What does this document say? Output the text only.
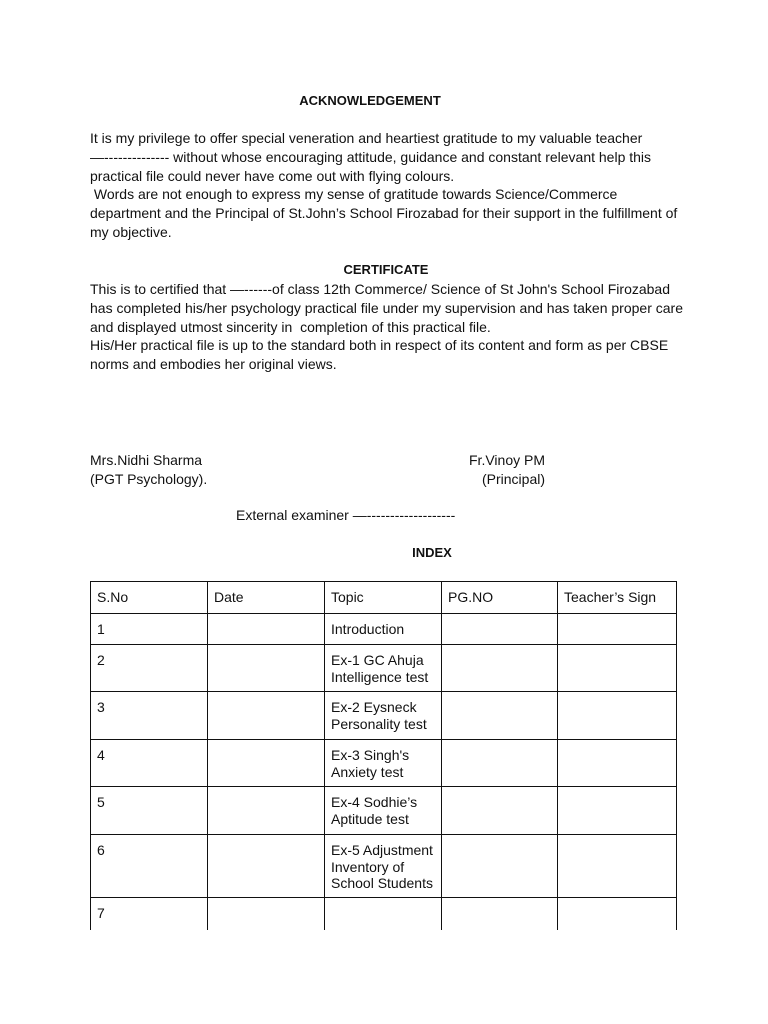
ACKNOWLEDGEMENT
It is my privilege to offer special veneration and heartiest gratitude to my valuable teacher
—-------------- without whose encouraging attitude, guidance and constant relevant help this
practical file could never have come out with flying colours.
Words are not enough to express my sense of gratitude towards Science/Commerce
department and the Principal of St.John’s School Firozabad for their support in the fulfillment of
my objective.
CERTIFICATE
This is to certified that —------of class 12th Commerce/ Science of St John's School Firozabad
has completed his/her psychology practical file under my supervision and has taken proper care
and displayed utmost sincerity in  completion of this practical file.
His/Her practical file is up to the standard both in respect of its content and form as per CBSE
norms and embodies her original views.
Mrs.Nidhi Sharma
(PGT Psychology).
Fr.Vinoy PM
(Principal)
External examiner —-------------------
INDEX
S.No	Date	Topic	PG.NO	Teacher’s Sign
1		Introduction		

2		Ex-1 GC Ahuja
Intelligence test		

3		Ex-2 Eysneck
Personality test		

4		Ex-3 Singh's
Anxiety test		

5		Ex-4 Sodhie’s
Aptitude test		

6		Ex-5 Adjustment
Inventory of
School Students		

7		
